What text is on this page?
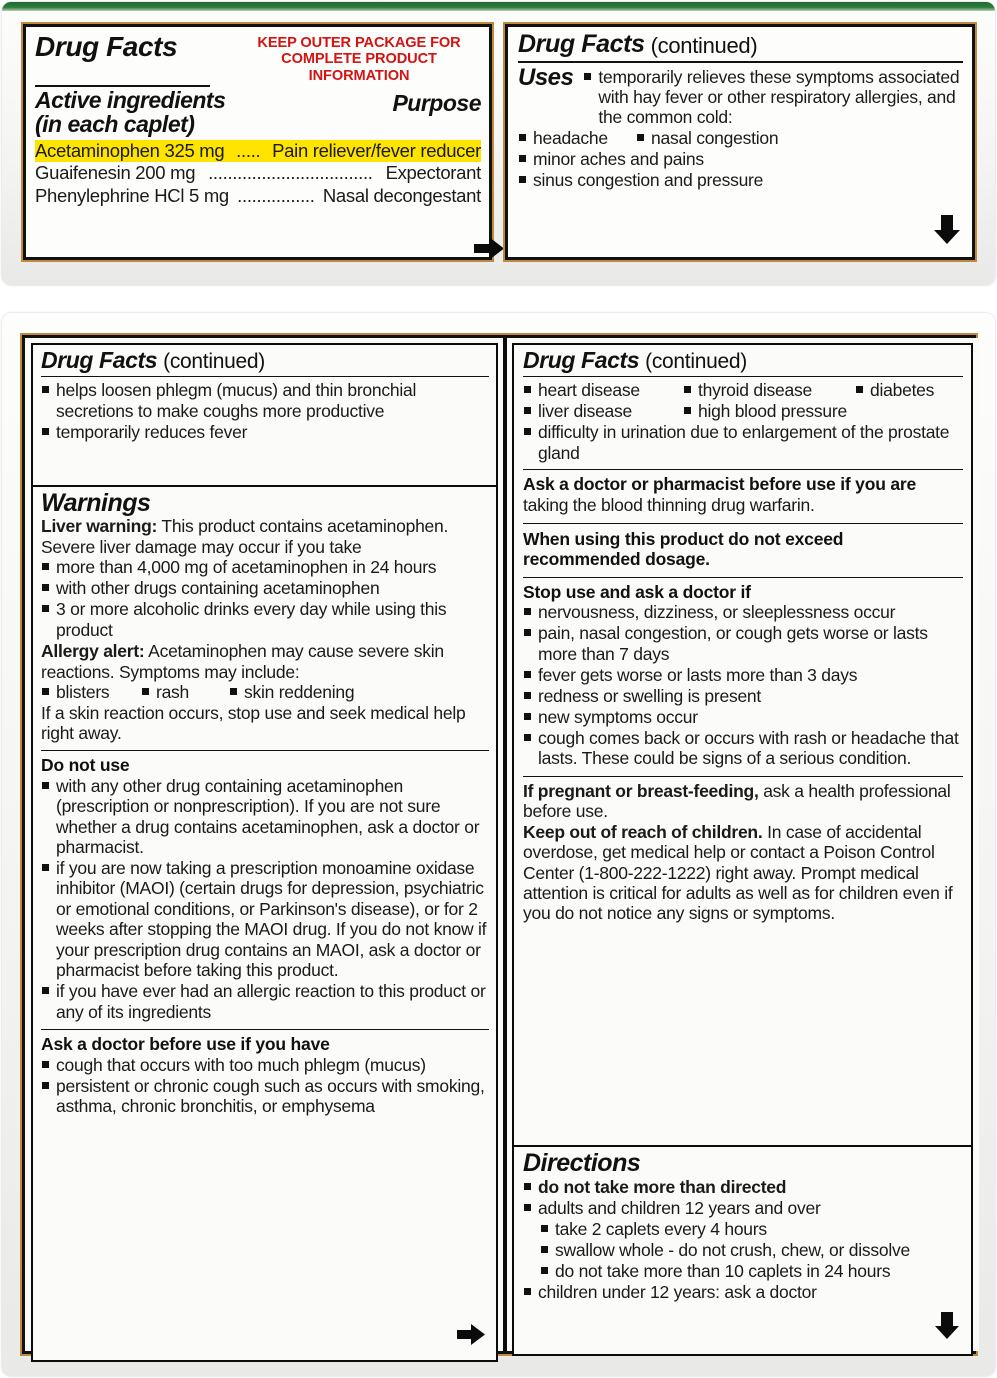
Drug Facts	KEEP OUTER PACKAGE FOR COMPLETE PRODUCT INFORMATION
Active ingredients
(in each caplet)
Purpose
Acetaminophen 325 mg ..... Pain reliever/fever reducer
Guaifenesin 200 mg .................................. Expectorant
Phenylephrine HCl 5 mg ................ Nasal decongestant
Drug Facts (continued)
Uses	temporarily relieves these symptoms associated with hay fever or other respiratory allergies, and the common cold:
headache nasal congestion
minor aches and pains
sinus congestion and pressure
Drug Facts (continued)
helps loosen phlegm (mucus) and thin bronchial secretions to make coughs more productive
temporarily reduces fever
Warnings
Liver warning: This product contains acetaminophen. Severe liver damage may occur if you take
more than 4,000 mg of acetaminophen in 24 hours
with other drugs containing acetaminophen
3 or more alcoholic drinks every day while using this product
Allergy alert: Acetaminophen may cause severe skin reactions. Symptoms may include:
blisters	rash	skin reddening
If a skin reaction occurs, stop use and seek medical help right away.
Do not use
with any other drug containing acetaminophen (prescription or nonprescription). If you are not sure whether a drug contains acetaminophen, ask a doctor or pharmacist.
if you are now taking a prescription monoamine oxidase inhibitor (MAOI) (certain drugs for depression, psychiatric or emotional conditions, or Parkinson's disease), or for 2 weeks after stopping the MAOI drug. If you do not know if your prescription drug contains an MAOI, ask a doctor or pharmacist before taking this product.
if you have ever had an allergic reaction to this product or any of its ingredients
Ask a doctor before use if you have
cough that occurs with too much phlegm (mucus)
persistent or chronic cough such as occurs with smoking, asthma, chronic bronchitis, or emphysema
Drug Facts (continued)
heart disease	thyroid disease	diabetes liver disease	high blood pressure
difficulty in urination due to enlargement of the prostate gland
Ask a doctor or pharmacist before use if you are
taking the blood thinning drug warfarin.
When using this product do not exceed recommended dosage.
Stop use and ask a doctor if
nervousness, dizziness, or sleeplessness occur
pain, nasal congestion, or cough gets worse or lasts more than 7 days
fever gets worse or lasts more than 3 days
redness or swelling is present
new symptoms occur
cough comes back or occurs with rash or headache that lasts. These could be signs of a serious condition.
If pregnant or breast-feeding, ask a health professional before use.
Keep out of reach of children. In case of accidental overdose, get medical help or contact a Poison Control Center (1-800-222-1222) right away. Prompt medical attention is critical for adults as well as for children even if you do not notice any signs or symptoms.
Directions
do not take more than directed
adults and children 12 years and over
take 2 caplets every 4 hours
swallow whole - do not crush, chew, or dissolve
do not take more than 10 caplets in 24 hours
children under 12 years: ask a doctor
